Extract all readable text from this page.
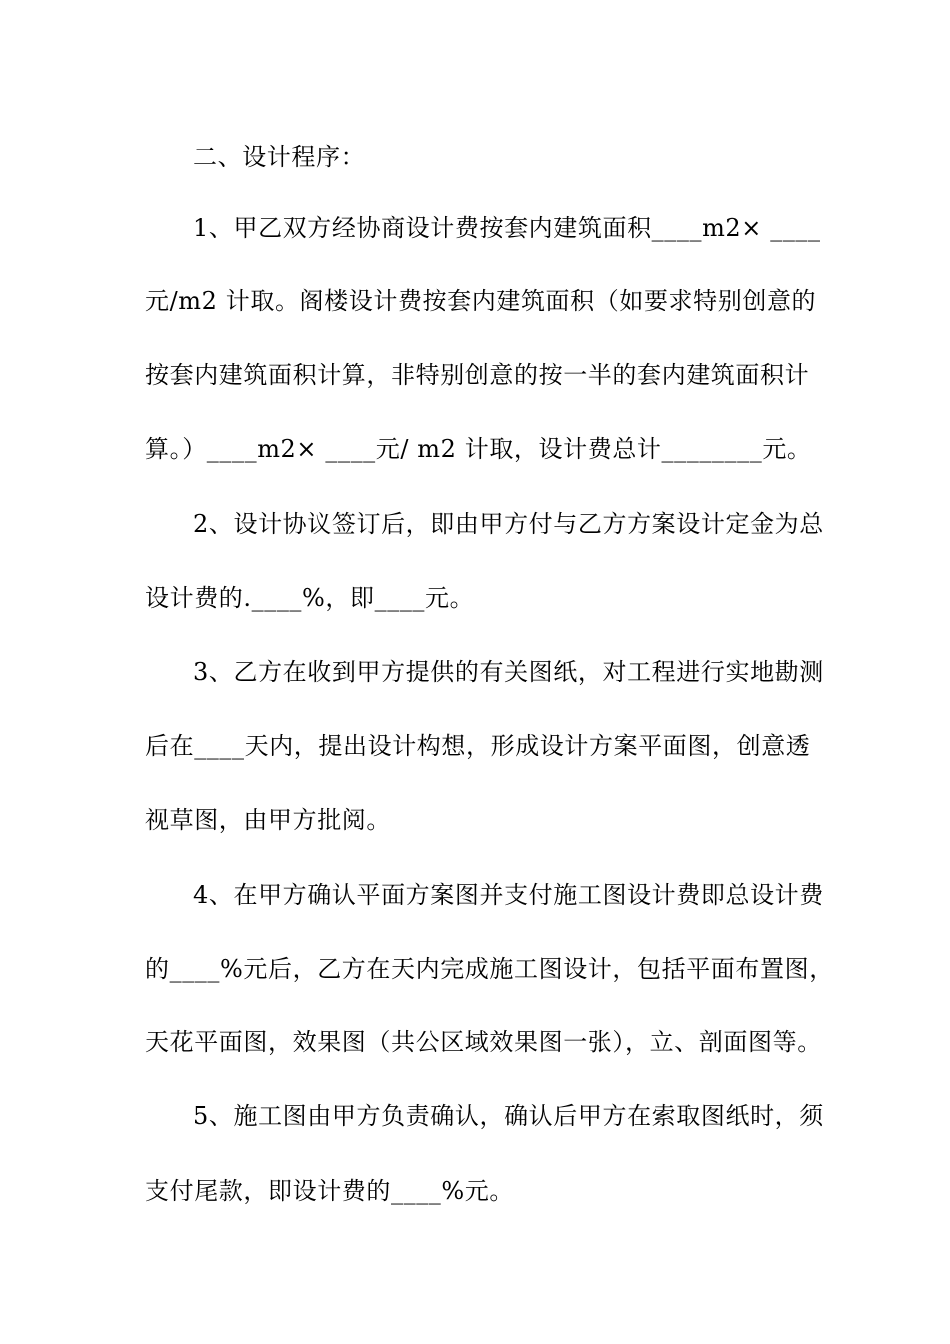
二、设计程序：
1、甲乙双方经协商设计费按套内建筑面积____m2× ____
元/m2 计取。阁楼设计费按套内建筑面积（如要求特别创意的
按套内建筑面积计算，非特别创意的按一半的套内建筑面积计
算。）____m2× ____元/ m2 计取，设计费总计________元。
2、设计协议签订后，即由甲方付与乙方方案设计定金为总
设计费的.____%，即____元。
3、乙方在收到甲方提供的有关图纸，对工程进行实地勘测
后在____天内，提出设计构想，形成设计方案平面图，创意透
视草图，由甲方批阅。
4、在甲方确认平面方案图并支付施工图设计费即总设计费
的____%元后，乙方在天内完成施工图设计，包括平面布置图，
天花平面图，效果图（共公区域效果图一张），立、剖面图等。
5、施工图由甲方负责确认，确认后甲方在索取图纸时，须
支付尾款，即设计费的____%元。
